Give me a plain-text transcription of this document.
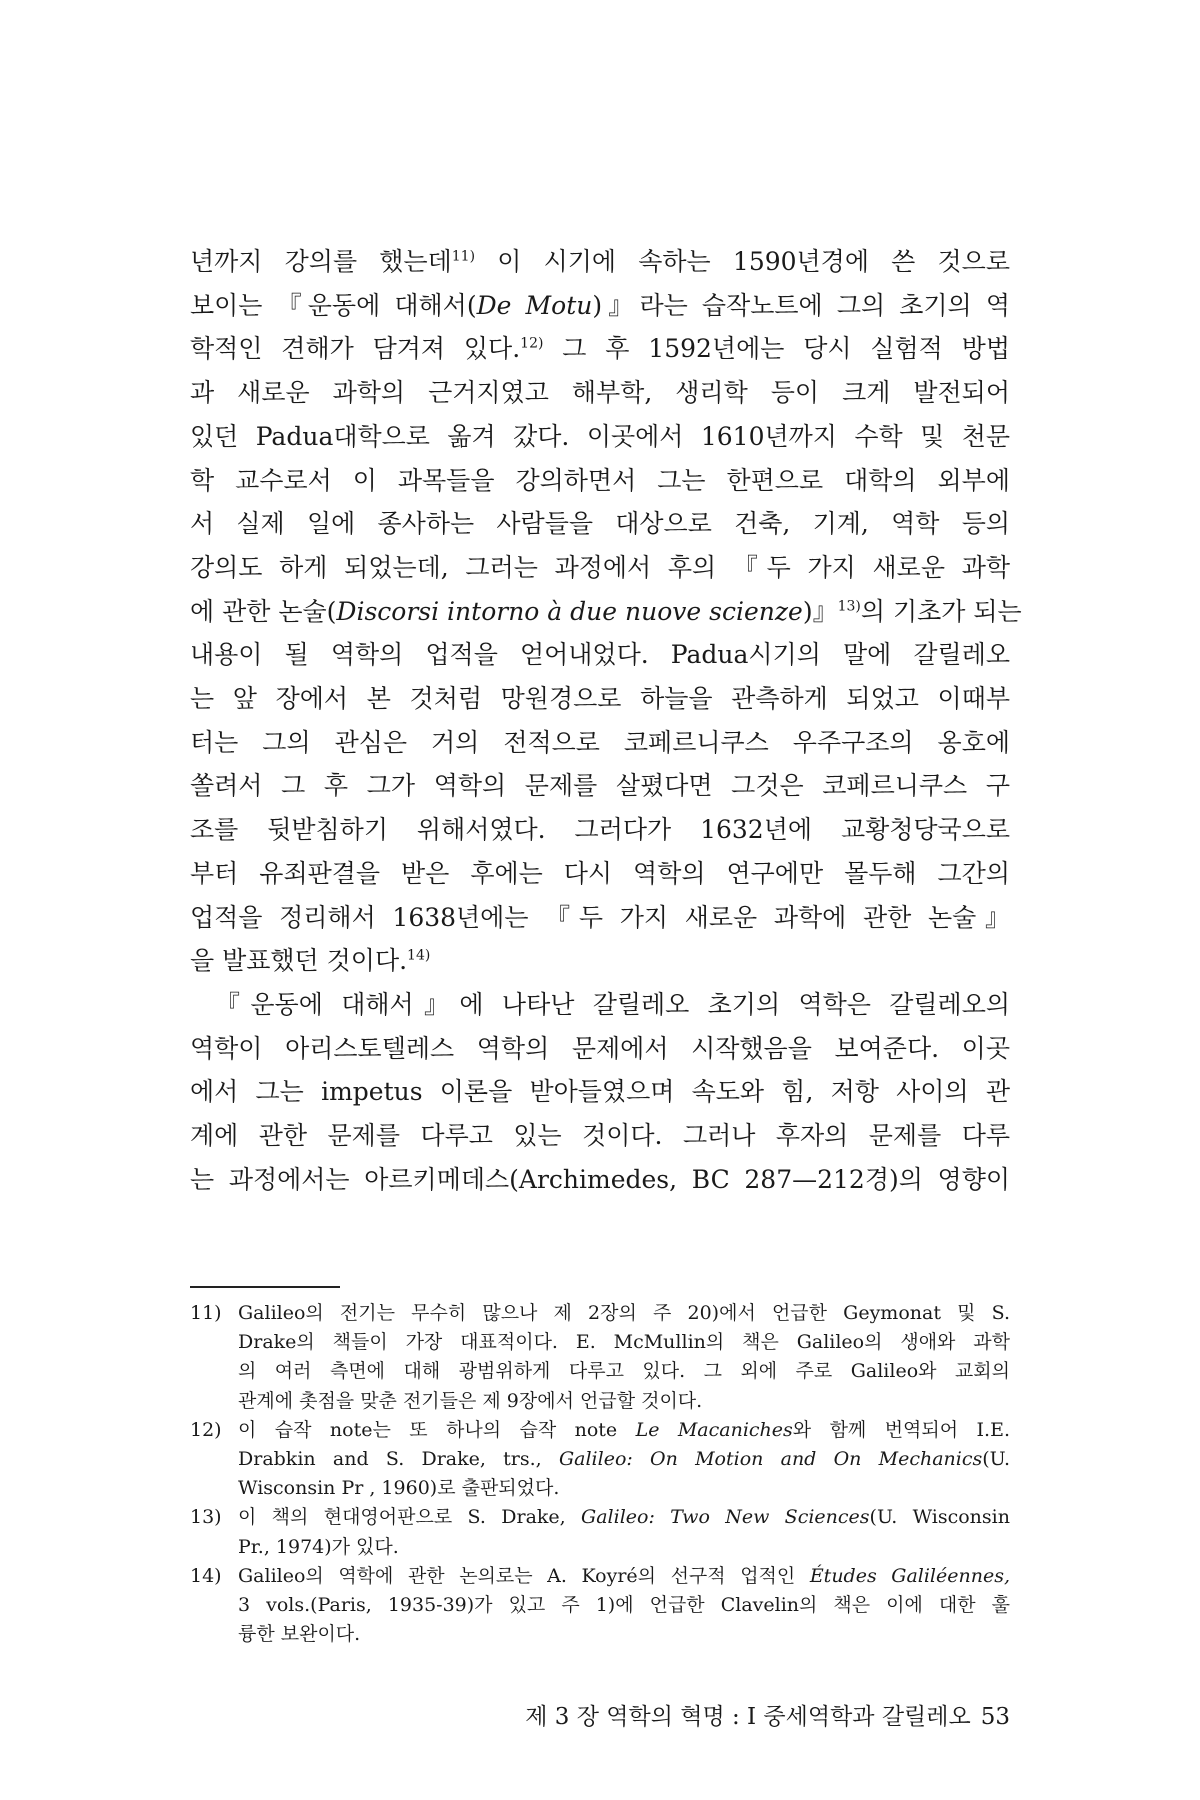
년까지 강의를 했는데$^{11)}$ 이 시기에 속하는 1590년경에 쓴 것으로

보이는 『운동에 대해서(De Motu)』라는 습작노트에 그의 초기의 역

학적인 견해가 담겨져 있다.$^{12)}$ 그 후 1592년에는 당시 실험적 방법

과 새로운 과학의 근거지였고 해부학, 생리학 등이 크게 발전되어

있던 Padua대학으로 옮겨 갔다. 이곳에서 1610년까지 수학 및 천문

학 교수로서 이 과목들을 강의하면서 그는 한편으로 대학의 외부에

서 실제 일에 종사하는 사람들을 대상으로 건축, 기계, 역학 등의

강의도 하게 되었는데, 그러는 과정에서 후의 『두 가지 새로운 과학

에 관한 논술(Discorsi intorno à due nuove scienze)』$^{13)}$의 기초가 되는

내용이 될 역학의 업적을 얻어내었다. Padua시기의 말에 갈릴레오

는 앞 장에서 본 것처럼 망원경으로 하늘을 관측하게 되었고 이때부

터는 그의 관심은 거의 전적으로 코페르니쿠스 우주구조의 옹호에

쏠려서 그 후 그가 역학의 문제를 살폈다면 그것은 코페르니쿠스 구

조를 뒷받침하기 위해서였다. 그러다가 1632년에 교황청당국으로

부터 유죄판결을 받은 후에는 다시 역학의 연구에만 몰두해 그간의

업적을 정리해서 1638년에는 『두 가지 새로운 과학에 관한 논술』

을 발표했던 것이다.$^{14)}$

『운동에 대해서』에 나타난 갈릴레오 초기의 역학은 갈릴레오의

역학이 아리스토텔레스 역학의 문제에서 시작했음을 보여준다. 이곳

에서 그는 impetus 이론을 받아들였으며 속도와 힘, 저항 사이의 관

계에 관한 문제를 다루고 있는 것이다. 그러나 후자의 문제를 다루

는 과정에서는 아르키메데스(Archimedes, BC 287—212경)의 영향이

11) Galileo의 전기는 무수히 많으나 제 2장의 주 20)에서 언급한 Geymonat 및 S.
Drake의 책들이 가장 대표적이다. E. McMullin의 책은 Galileo의 생애와 과학
의 여러 측면에 대해 광범위하게 다루고 있다. 그 외에 주로 Galileo와 교회의
관계에 촛점을 맞춘 전기들은 제 9장에서 언급할 것이다.
12) 이 습작 note는 또 하나의 습작 note Le Macaniches와 함께 번역되어 I.E.
Drabkin and S. Drake, trs., Galileo: On Motion and On Mechanics(U.
Wisconsin Pr , 1960)로 출판되었다.
13) 이 책의 현대영어판으로 S. Drake, Galileo: Two New Sciences(U. Wisconsin
Pr., 1974)가 있다.
14) Galileo의 역학에 관한 논의로는 A. Koyré의 선구적 업적인 Études Galiléennes,
3 vols.(Paris, 1935-39)가 있고 주 1)에 언급한 Clavelin의 책은 이에 대한 훌
륭한 보완이다.
제 3 장 역학의 혁명 : I 중세역학과 갈릴레오 53
